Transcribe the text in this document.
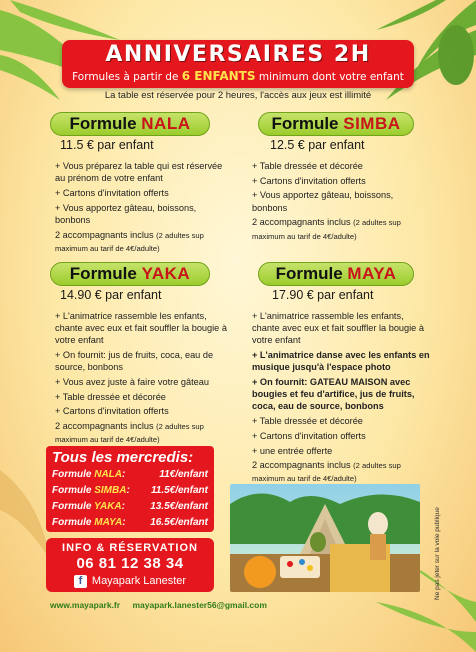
ANNIVERSAIRES 2H
Formules à partir de 6 ENFANTS minimum dont votre enfant
La table est réservée pour 2 heures, l'accès aux jeux est illimité
Formule NALA
11.5 € par enfant
+ Vous préparez la table qui est réservée au prénom de votre enfant
+ Cartons d'invitation offerts
+ Vous apportez gâteau, boissons, bonbons
2 accompagnants inclus (2 adultes sup maximum au tarif de 4€/adulte)
Formule SIMBA
12.5 € par enfant
+ Table dressée et décorée
+ Cartons d'invitation offerts
+ Vous apportez gâteau, boissons, bonbons
2 accompagnants inclus (2 adultes sup maximum au tarif de 4€/adulte)
Formule YAKA
14.90 € par enfant
+ L'animatrice rassemble les enfants, chante avec eux et fait souffler la bougie à votre enfant
+ On fournit: jus de fruits, coca, eau de source, bonbons
+ Vous avez juste à faire votre gâteau
+ Table dressée et décorée
+ Cartons d'invitation offerts
2 accompagnants inclus (2 adultes sup maximum au tarif de 4€/adulte)
Formule MAYA
17.90 € par enfant
+ L'animatrice rassemble les enfants, chante avec eux et fait souffler la bougie à votre enfant
+ L'animatrice danse avec les enfants en musique jusqu'à l'espace photo
+ On fournit: GATEAU MAISON avec bougies et feu d'artifice, jus de fruits, coca, eau de source, bonbons
+ Table dressée et décorée
+ Cartons d'invitation offerts
+ une entrée offerte
2 accompagnants inclus (2 adultes sup maximum au tarif de 4€/adulte)
Tous les mercredis:
Formule NALA:	11€/enfant
Formule SIMBA: 11.5€/enfant
Formule YAKA:	13.5€/enfant
Formule MAYA: 16.5€/enfant
INFO & RÉSERVATION
06 81 12 38 34
f Mayapark Lanester	Ne pas jeter sur la voie publique
www.mayapark.fr mayapark.lanester56@gmail.com
